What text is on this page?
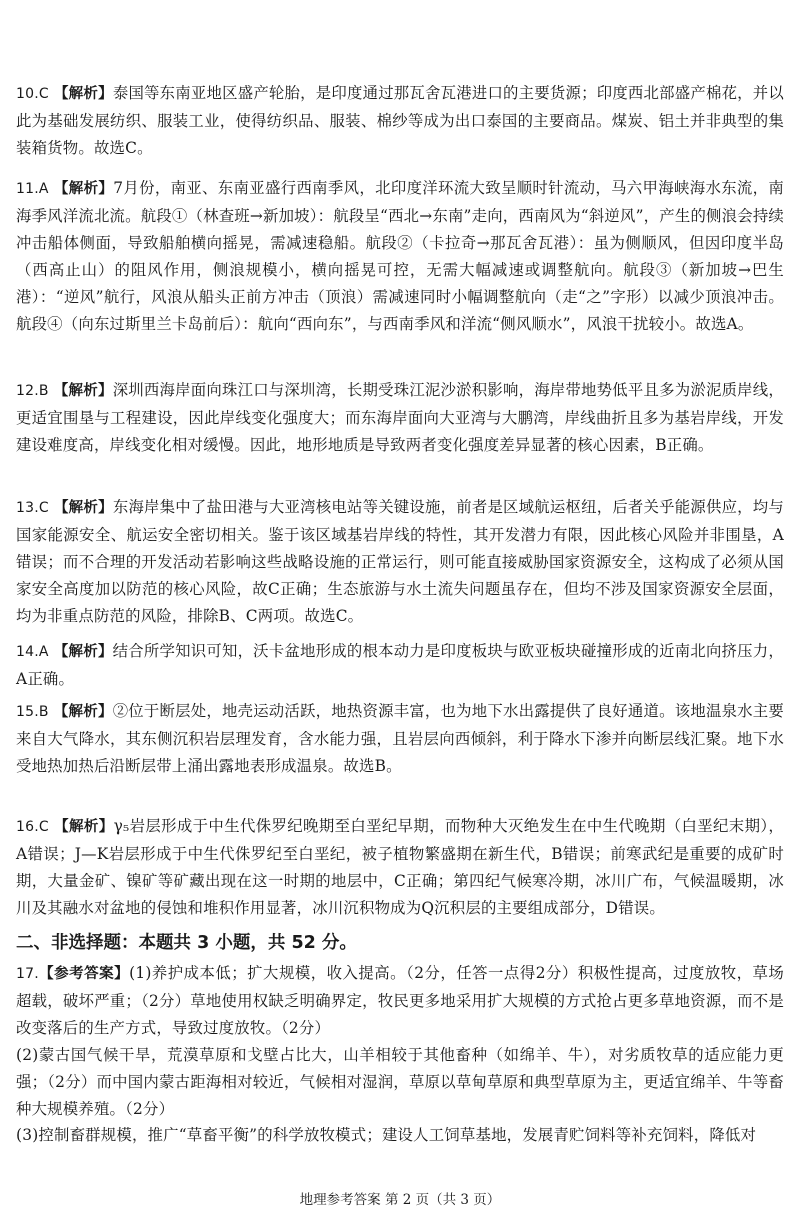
10.C 【解析】泰国等东南亚地区盛产轮胎，是印度通过那瓦舍瓦港进口的主要货源；印度西北部盛产棉花，并以此为基础发展纺织、服装工业，使得纺织品、服装、棉纱等成为出口泰国的主要商品。煤炭、铝土并非典型的集装箱货物。故选C。
11.A 【解析】7月份，南亚、东南亚盛行西南季风，北印度洋环流大致呈顺时针流动，马六甲海峡海水东流，南海季风洋流北流。航段①（林查班→新加坡）：航段呈“西北→东南”走向，西南风为“斜逆风”，产生的侧浪会持续冲击船体侧面，导致船舶横向摇晃，需减速稳船。航段②（卡拉奇→那瓦舍瓦港）：虽为侧顺风，但因印度半岛（西高止山）的阻风作用，侧浪规模小，横向摇晃可控，无需大幅减速或调整航向。航段③（新加坡→巴生港）：“逆风”航行，风浪从船头正前方冲击（顶浪）需减速同时小幅调整航向（走“之”字形）以减少顶浪冲击。航段④（向东过斯里兰卡岛前后）：航向“西向东”，与西南季风和洋流“侧风顺水”，风浪干扰较小。故选A。
12.B 【解析】深圳西海岸面向珠江口与深圳湾，长期受珠江泥沙淤积影响，海岸带地势低平且多为淤泥质岸线，更适宜围垦与工程建设，因此岸线变化强度大；而东海岸面向大亚湾与大鹏湾，岸线曲折且多为基岩岸线，开发建设难度高，岸线变化相对缓慢。因此，地形地质是导致两者变化强度差异显著的核心因素，B正确。
13.C 【解析】东海岸集中了盐田港与大亚湾核电站等关键设施，前者是区域航运枢纽，后者关乎能源供应，均与国家能源安全、航运安全密切相关。鉴于该区域基岩岸线的特性，其开发潜力有限，因此核心风险并非围垦，A错误；而不合理的开发活动若影响这些战略设施的正常运行，则可能直接威胁国家资源安全，这构成了必须从国家安全高度加以防范的核心风险，故C正确；生态旅游与水土流失问题虽存在，但均不涉及国家资源安全层面，均为非重点防范的风险，排除B、C两项。故选C。
14.A 【解析】结合所学知识可知，沃卡盆地形成的根本动力是印度板块与欧亚板块碰撞形成的近南北向挤压力，A正确。
15.B 【解析】②位于断层处，地壳运动活跃，地热资源丰富，也为地下水出露提供了良好通道。该地温泉水主要来自大气降水，其东侧沉积岩层理发育，含水能力强，且岩层向西倾斜，利于降水下渗并向断层线汇聚。地下水受地热加热后沿断层带上涌出露地表形成温泉。故选B。
16.C 【解析】γ₅岩层形成于中生代侏罗纪晚期至白垩纪早期，而物种大灭绝发生在中生代晚期（白垩纪末期），A错误；J—K岩层形成于中生代侏罗纪至白垩纪，被子植物繁盛期在新生代，B错误；前寒武纪是重要的成矿时期，大量金矿、镍矿等矿藏出现在这一时期的地层中，C正确；第四纪气候寒冷期，冰川广布，气候温暖期，冰川及其融水对盆地的侵蚀和堆积作用显著，冰川沉积物成为Q沉积层的主要组成部分，D错误。
二、非选择题：本题共 3 小题，共 52 分。
17.【参考答案】(1)养护成本低；扩大规模，收入提高。（2分，任答一点得2分）积极性提高，过度放牧，草场超载，破坏严重；（2分）草地使用权缺乏明确界定，牧民更多地采用扩大规模的方式抢占更多草地资源，而不是改变落后的生产方式，导致过度放牧。（2分）
(2)蒙古国气候干旱，荒漠草原和戈壁占比大，山羊相较于其他畜种（如绵羊、牛），对劣质牧草的适应能力更强；（2分）而中国内蒙古距海相对较近，气候相对湿润，草原以草甸草原和典型草原为主，更适宜绵羊、牛等畜种大规模养殖。（2分）
(3)控制畜群规模，推广“草畜平衡”的科学放牧模式；建设人工饲草基地，发展青贮饲料等补充饲料，降低对
地理参考答案 第 2 页（共 3 页）
